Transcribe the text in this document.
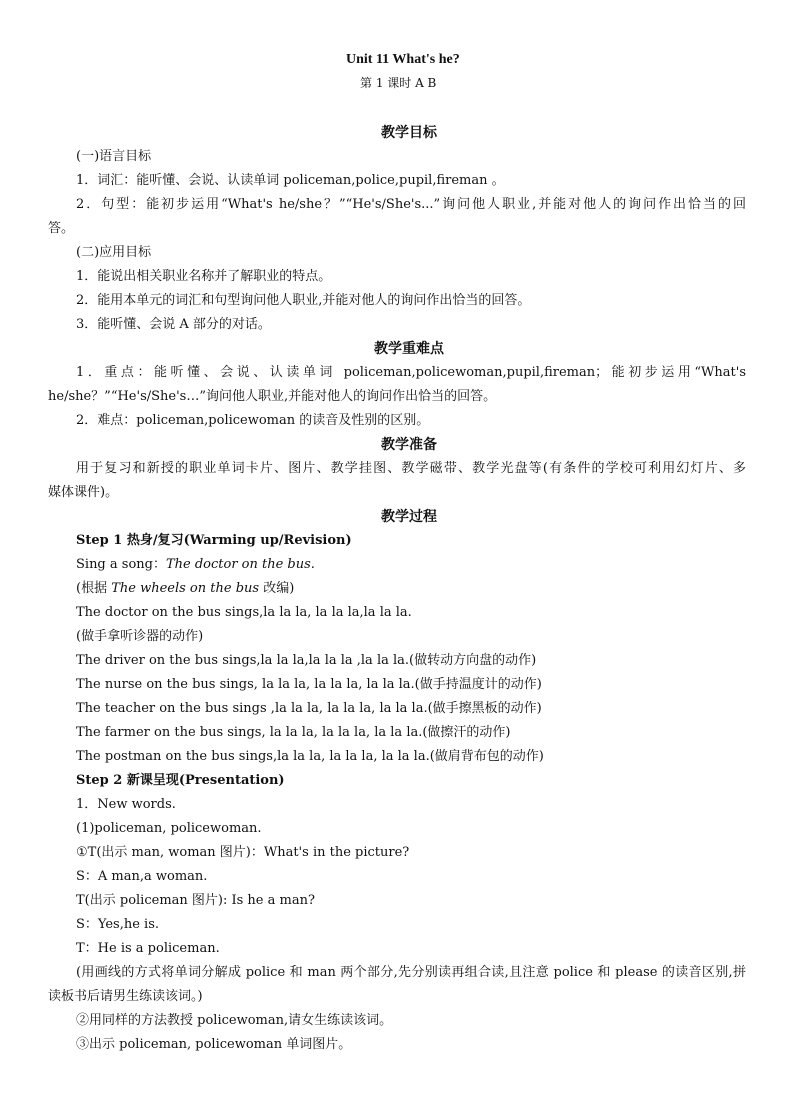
Unit 11 What's he?
第 1 课时 A B
教学目标
(一)语言目标
1．词汇：能听懂、会说、认读单词 policeman,police,pupil,fireman 。
2．句型：能初步运用“What's he/she？”“He's/She's...”询问他人职业,并能对他人的询问作出恰当的回
答。
(二)应用目标
1．能说出相关职业名称并了解职业的特点。
2．能用本单元的词汇和句型询问他人职业,并能对他人的询问作出恰当的回答。
3．能听懂、会说 A 部分的对话。
教学重难点
1．重点：能听懂、会说、认读单词 policeman,policewoman,pupil,fireman；能初步运用“What's
he/she？”“He's/She's…”询问他人职业,并能对他人的询问作出恰当的回答。
2．难点：policeman,policewoman 的读音及性别的区别。
教学准备
用于复习和新授的职业单词卡片、图片、教学挂图、教学磁带、教学光盘等(有条件的学校可利用幻灯片、多
媒体课件)。
教学过程
Step 1 热身/复习(Warming up/Revision)
Sing a song：The doctor on the bus.
(根据 The wheels on the bus 改编)
The doctor on the bus sings,la la la, la la la,la la la.
(做手拿听诊器的动作)
The driver on the bus sings,la la la,la la la ,la la la.(做转动方向盘的动作)
The nurse on the bus sings, la la la, la la la, la la la.(做手持温度计的动作)
The teacher on the bus sings ,la la la, la la la, la la la.(做手擦黑板的动作)
The farmer on the bus sings, la la la, la la la, la la la.(做擦汗的动作)
The postman on the bus sings,la la la, la la la, la la la.(做肩背布包的动作)
Step 2 新课呈现(Presentation)
1．New words.
(1)policeman, policewoman.
①T(出示 man, woman 图片)：What's in the picture?
S：A man,a woman.
T(出示 policeman 图片): Is he a man?
S：Yes,he is.
T：He is a policeman.
(用画线的方式将单词分解成 police 和 man 两个部分,先分别读再组合读,且注意 police 和 please 的读音区别,拼
读板书后请男生练读该词。)
②用同样的方法教授 policewoman,请女生练读该词。
③出示 policeman, policewoman 单词图片。
